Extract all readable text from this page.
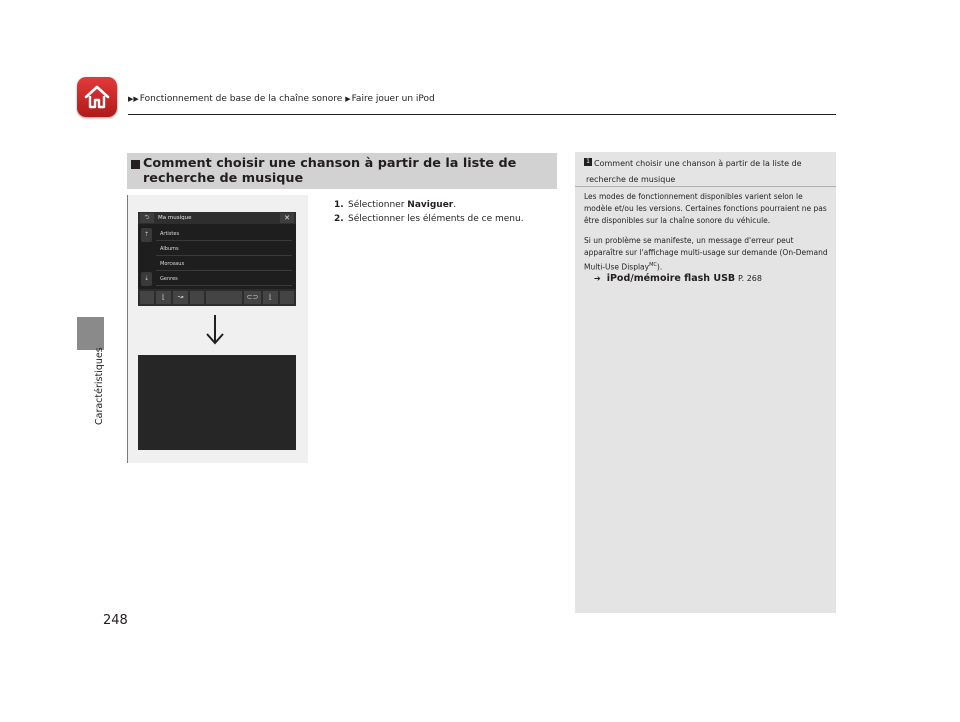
▶▶Fonctionnement de base de la chaîne sonore ▶Faire jouer un iPod
Caractéristiques
248
Comment choisir une chanson à partir de la liste de recherche de musique
⮌	Ma musique	✕
⇡
⇣
Artistes
Albums
Morceaux
Genres
⌊	↝	⊂⊃	⌊
1. Sélectionner Naviguer.
2. Sélectionner les éléments de ce menu.
1 Comment choisir une chanson à partir de la liste de recherche de musique

Les modes de fonctionnement disponibles varient selon le modèle et/ou les versions. Certaines fonctions pourraient ne pas être disponibles sur la chaîne sonore du véhicule.

Si un problème se manifeste, un message d'erreur peut apparaître sur l'affichage multi-usage sur demande (On-Demand Multi-Use Display$^{MC}$).

➔ iPod/mémoire flash USB P. 268
